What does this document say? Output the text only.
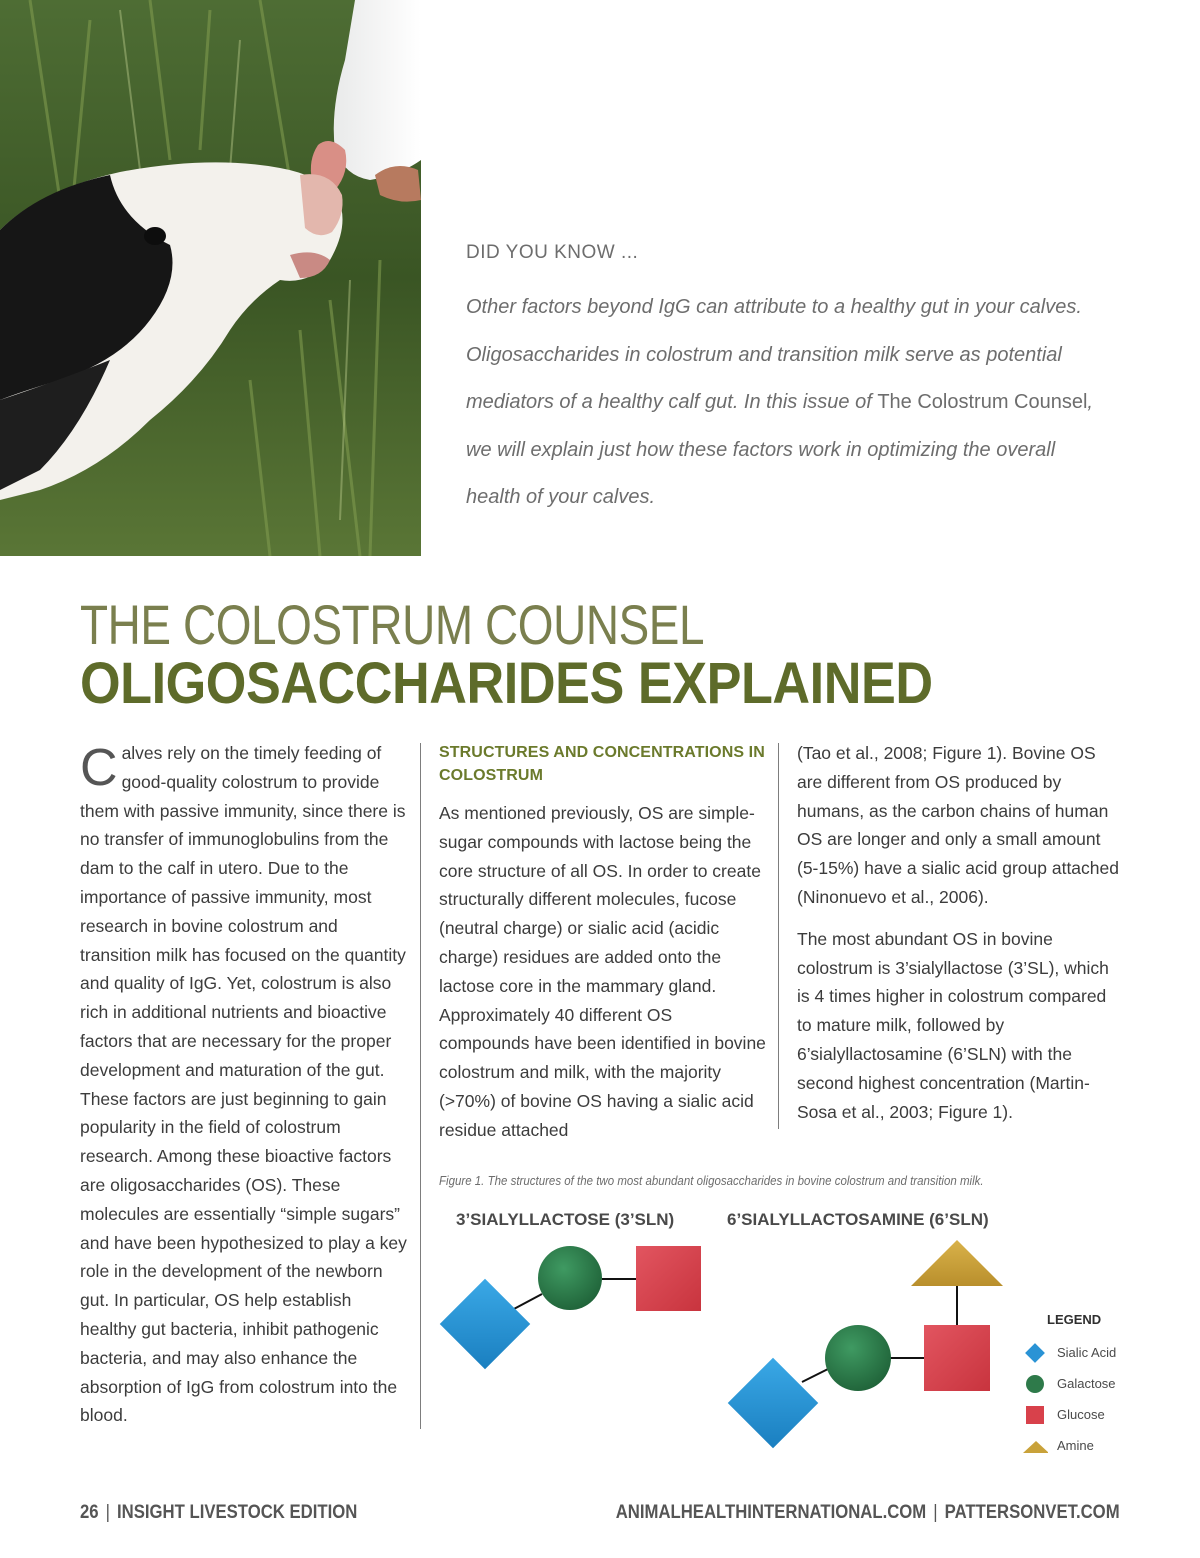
DID YOU KNOW ...
Other factors beyond IgG can attribute to a healthy gut in your calves. Oligosaccharides in colostrum and transition milk serve as potential mediators of a healthy calf gut. In this issue of The Colostrum Counsel, we will explain just how these factors work in optimizing the overall health of your calves.
THE COLOSTRUM COUNSEL
OLIGOSACCHARIDES EXPLAINED
C alves rely on the timely feeding of good-quality colostrum to provide them with passive immunity, since there is no transfer of immunoglobulins from the dam to the calf in utero. Due to the importance of passive immunity, most research in bovine colostrum and transition milk has focused on the quantity and quality of IgG. Yet, colostrum is also rich in additional nutrients and bioactive factors that are necessary for the proper development and maturation of the gut. These factors are just beginning to gain popularity in the field of colostrum research. Among these bioactive factors are oligosaccharides (OS). These molecules are essentially “simple sugars” and have been hypothesized to play a key role in the development of the newborn gut. In particular, OS help establish healthy gut bacteria, inhibit pathogenic bacteria, and may also enhance the absorption of IgG from colostrum into the blood.
STRUCTURES AND CONCENTRATIONS IN COLOSTRUM

As mentioned previously, OS are simple-sugar compounds with lactose being the core structure of all OS. In order to create structurally different molecules, fucose (neutral charge) or sialic acid (acidic charge) residues are added onto the lactose core in the mammary gland. Approximately 40 different OS compounds have been identified in bovine colostrum and milk, with the majority (>70%) of bovine OS having a sialic acid residue attached

(Tao et al., 2008; Figure 1). Bovine OS are different from OS produced by humans, as the carbon chains of human OS are longer and only a small amount (5-15%) have a sialic acid group attached (Ninonuevo et al., 2006).

The most abundant OS in bovine colostrum is 3’sialyllactose (3’SL), which is 4 times higher in colostrum compared to mature milk, followed by 6’sialyllactosamine (6’SLN) with the second highest concentration (Martin-Sosa et al., 2003; Figure 1).

Figure 1. The structures of the two most abundant oligosaccharides in bovine colostrum and transition milk.
3’SIALYLLACTOSE (3’SLN)	6’SIALYLLACTOSAMINE (6’SLN)
LEGEND
Sialic Acid
Galactose
Glucose
Amine
26 | INSIGHT LIVESTOCK EDITION	ANIMALHEALTHINTERNATIONAL.COM | PATTERSONVET.COM
